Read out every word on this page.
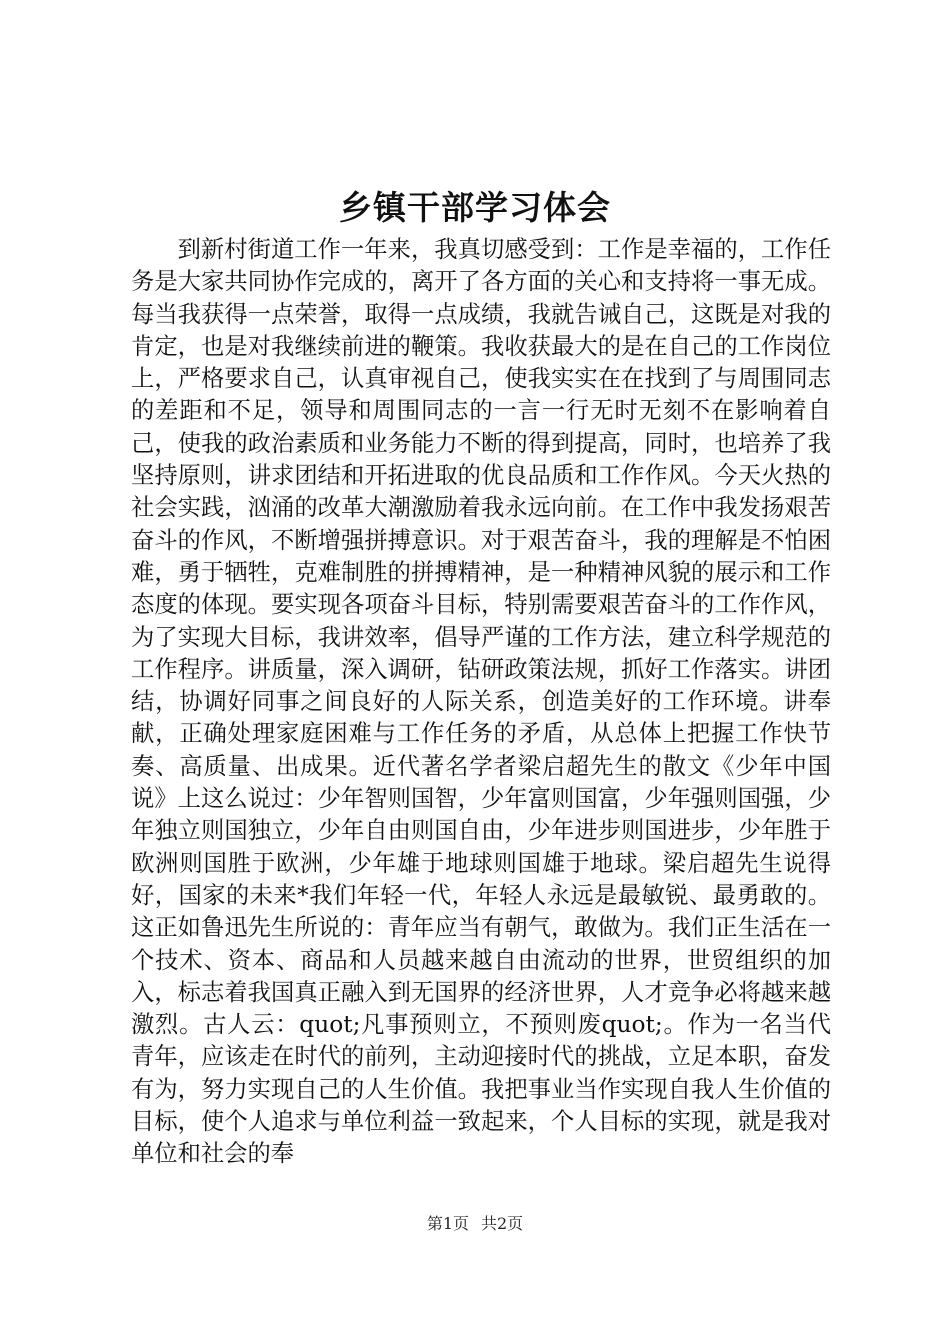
乡镇干部学习体会

到新村街道工作一年来，我真切感受到：工作是幸福的，工作任务是大家共同协作完成的，离开了各方面的关心和支持将一事无成。每当我获得一点荣誉，取得一点成绩，我就告诫自己，这既是对我的肯定，也是对我继续前进的鞭策。我收获最大的是在自己的工作岗位上，严格要求自己，认真审视自己，使我实实在在找到了与周围同志的差距和不足，领导和周围同志的一言一行无时无刻不在影响着自己，使我的政治素质和业务能力不断的得到提高，同时，也培养了我坚持原则，讲求团结和开拓进取的优良品质和工作作风。今天火热的社会实践，汹涌的改革大潮激励着我永远向前。在工作中我发扬艰苦奋斗的作风，不断增强拼搏意识。对于艰苦奋斗，我的理解是不怕困难，勇于牺牲，克难制胜的拼搏精神，是一种精神风貌的展示和工作态度的体现。要实现各项奋斗目标，特别需要艰苦奋斗的工作作风，为了实现大目标，我讲效率，倡导严谨的工作方法，建立科学规范的工作程序。讲质量，深入调研，钻研政策法规，抓好工作落实。讲团结，协调好同事之间良好的人际关系，创造美好的工作环境。讲奉献，正确处理家庭困难与工作任务的矛盾，从总体上把握工作快节奏、高质量、出成果。近代著名学者梁启超先生的散文《少年中国说》上这么说过：少年智则国智，少年富则国富，少年强则国强，少年独立则国独立，少年自由则国自由，少年进步则国进步，少年胜于欧洲则国胜于欧洲，少年雄于地球则国雄于地球。梁启超先生说得好，国家的未来*我们年轻一代，年轻人永远是最敏锐、最勇敢的。这正如鲁迅先生所说的：青年应当有朝气，敢做为。我们正生活在一个技术、资本、商品和人员越来越自由流动的世界，世贸组织的加入，标志着我国真正融入到无国界的经济世界，人才竞争必将越来越激烈。古人云：quot;凡事预则立，不预则废quot;。作为一名当代青年，应该走在时代的前列，主动迎接时代的挑战，立足本职，奋发有为，努力实现自己的人生价值。我把事业当作实现自我人生价值的目标，使个人追求与单位利益一致起来，个人目标的实现，就是我对单位和社会的奉

第1页 共2页
